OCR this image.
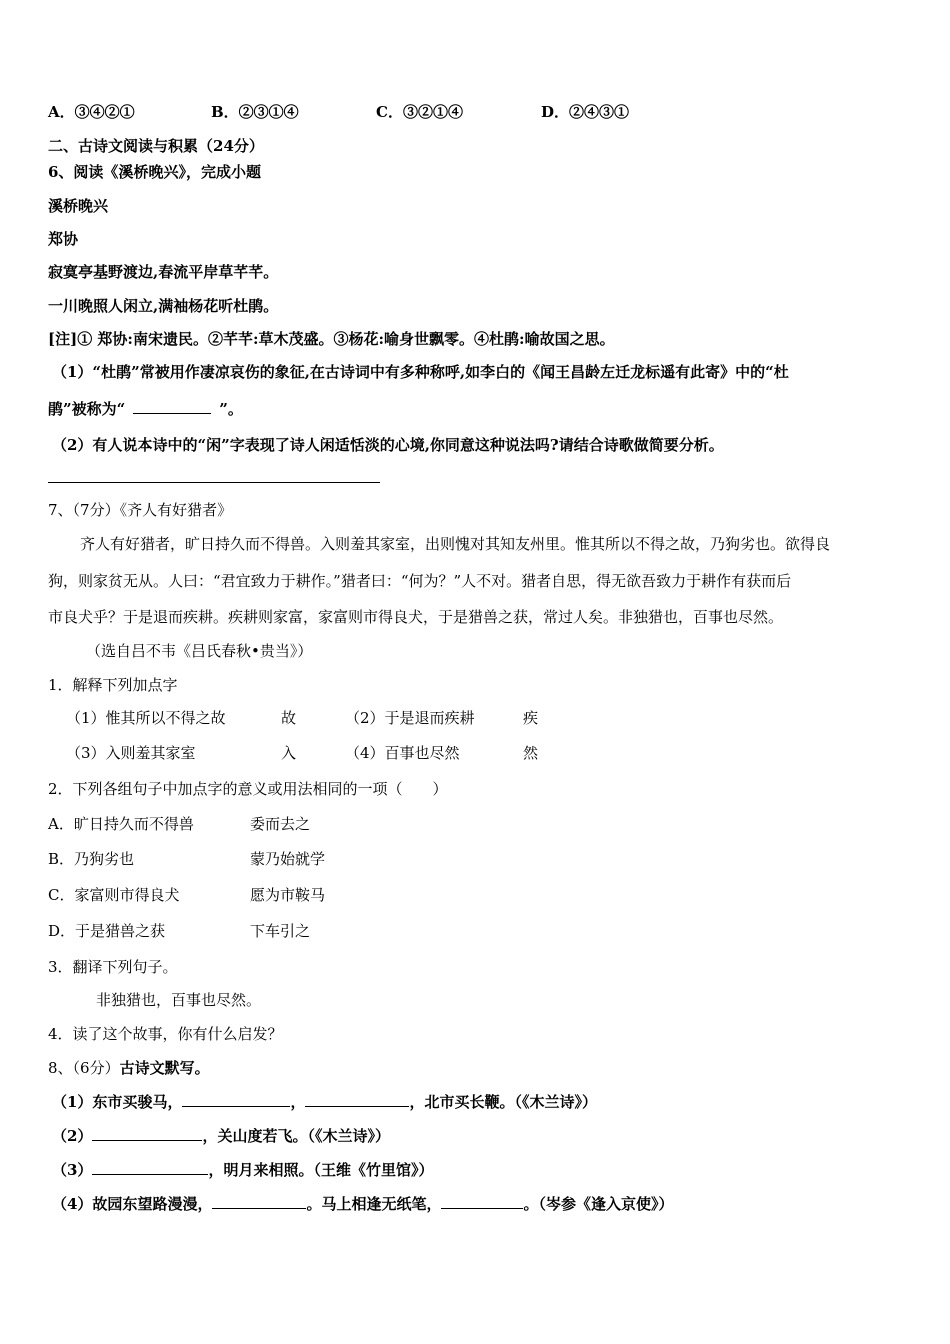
A．③④②①	B．②③①④	C．③②①④	D．②④③①
二、古诗文阅读与积累（24分）
6、阅读《溪桥晚兴》，完成小题
溪桥晚兴
郑协
寂寞亭基野渡边,春流平岸草芊芊。
一川晚照人闲立,满袖杨花听杜鹃。
[注]① 郑协:南宋遗民。②芊芊:草木茂盛。③杨花:喻身世飘零。④杜鹃:喻故国之思。
（1）“杜鹃”常被用作凄凉哀伤的象征,在古诗词中有多种称呼,如李白的《闻王昌龄左迁龙标遥有此寄》中的“杜
鹃”被称为“	”。
（2）有人说本诗中的“闲”字表现了诗人闲适恬淡的心境,你同意这种说法吗?请结合诗歌做简要分析。
7、（7分）《齐人有好猎者》
齐人有好猎者，旷日持久而不得兽。入则羞其家室，出则愧对其知友州里。惟其所以不得之故，乃狗劣也。欲得良
狗，则家贫无从。人曰：“君宜致力于耕作。”猎者曰：“何为？”人不对。猎者自思，得无欲吾致力于耕作有获而后
市良犬乎？于是退而疾耕。疾耕则家富，家富则市得良犬，于是猎兽之获，常过人矣。非独猎也，百事也尽然。
（选自吕不韦《吕氏春秋•贵当》）
1．解释下列加点字
（1）惟其所以不得之故	故	（2）于是退而疾耕	疾
（3）入则羞其家室	入	（4）百事也尽然	然
2．下列各组句子中加点字的意义或用法相同的一项（　　）
A．旷日持久而不得兽	委而去之
B．乃狗劣也	蒙乃始就学
C．家富则市得良犬	愿为市鞍马
D．于是猎兽之获	下车引之
3．翻译下列句子。
非独猎也，百事也尽然。
4．读了这个故事，你有什么启发？
8、（6分）古诗文默写。
（1）东市买骏马，	，	，北市买长鞭。（《木兰诗》）
（2）	，关山度若飞。（《木兰诗》）
（3）	，明月来相照。（王维《竹里馆》）
（4）故园东望路漫漫，	。马上相逢无纸笔，	。（岑参《逢入京使》）
